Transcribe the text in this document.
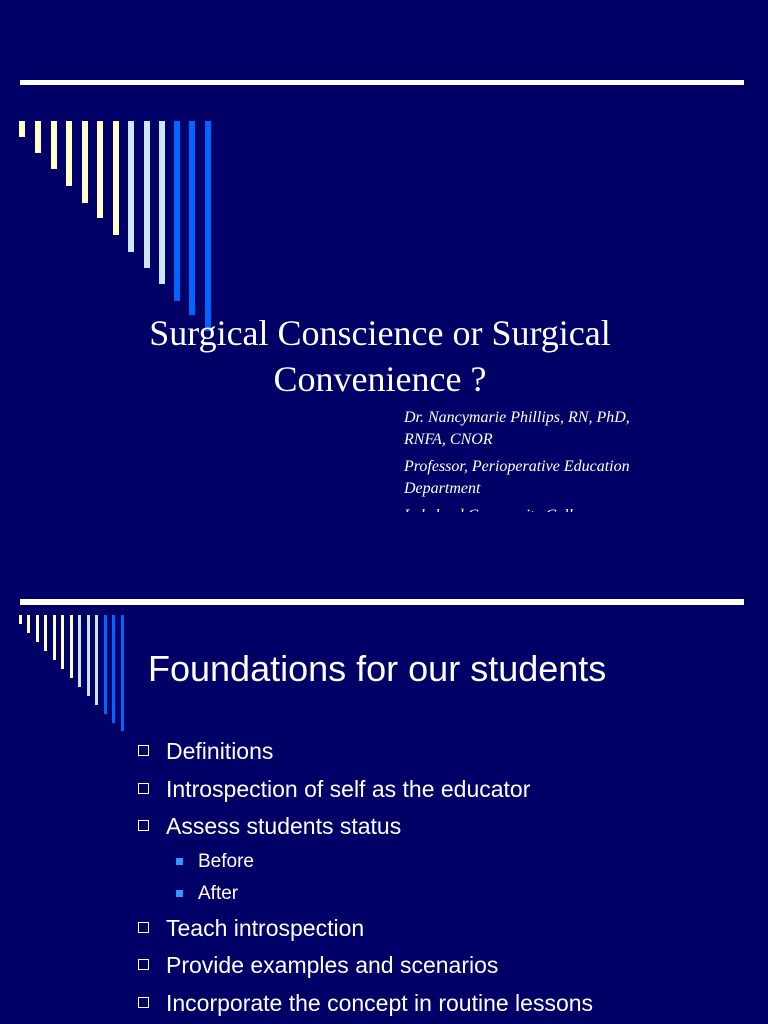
Surgical Conscience or Surgical
Convenience ?

Dr. Nancymarie Phillips, RN, PhD,
RNFA, CNOR

Professor, Perioperative Education
Department

Foundations for our students
Definitions
Introspection of self as the educator
Assess students status
Before
After
Teach introspection
Provide examples and scenarios
Incorporate the concept in routine lessons
